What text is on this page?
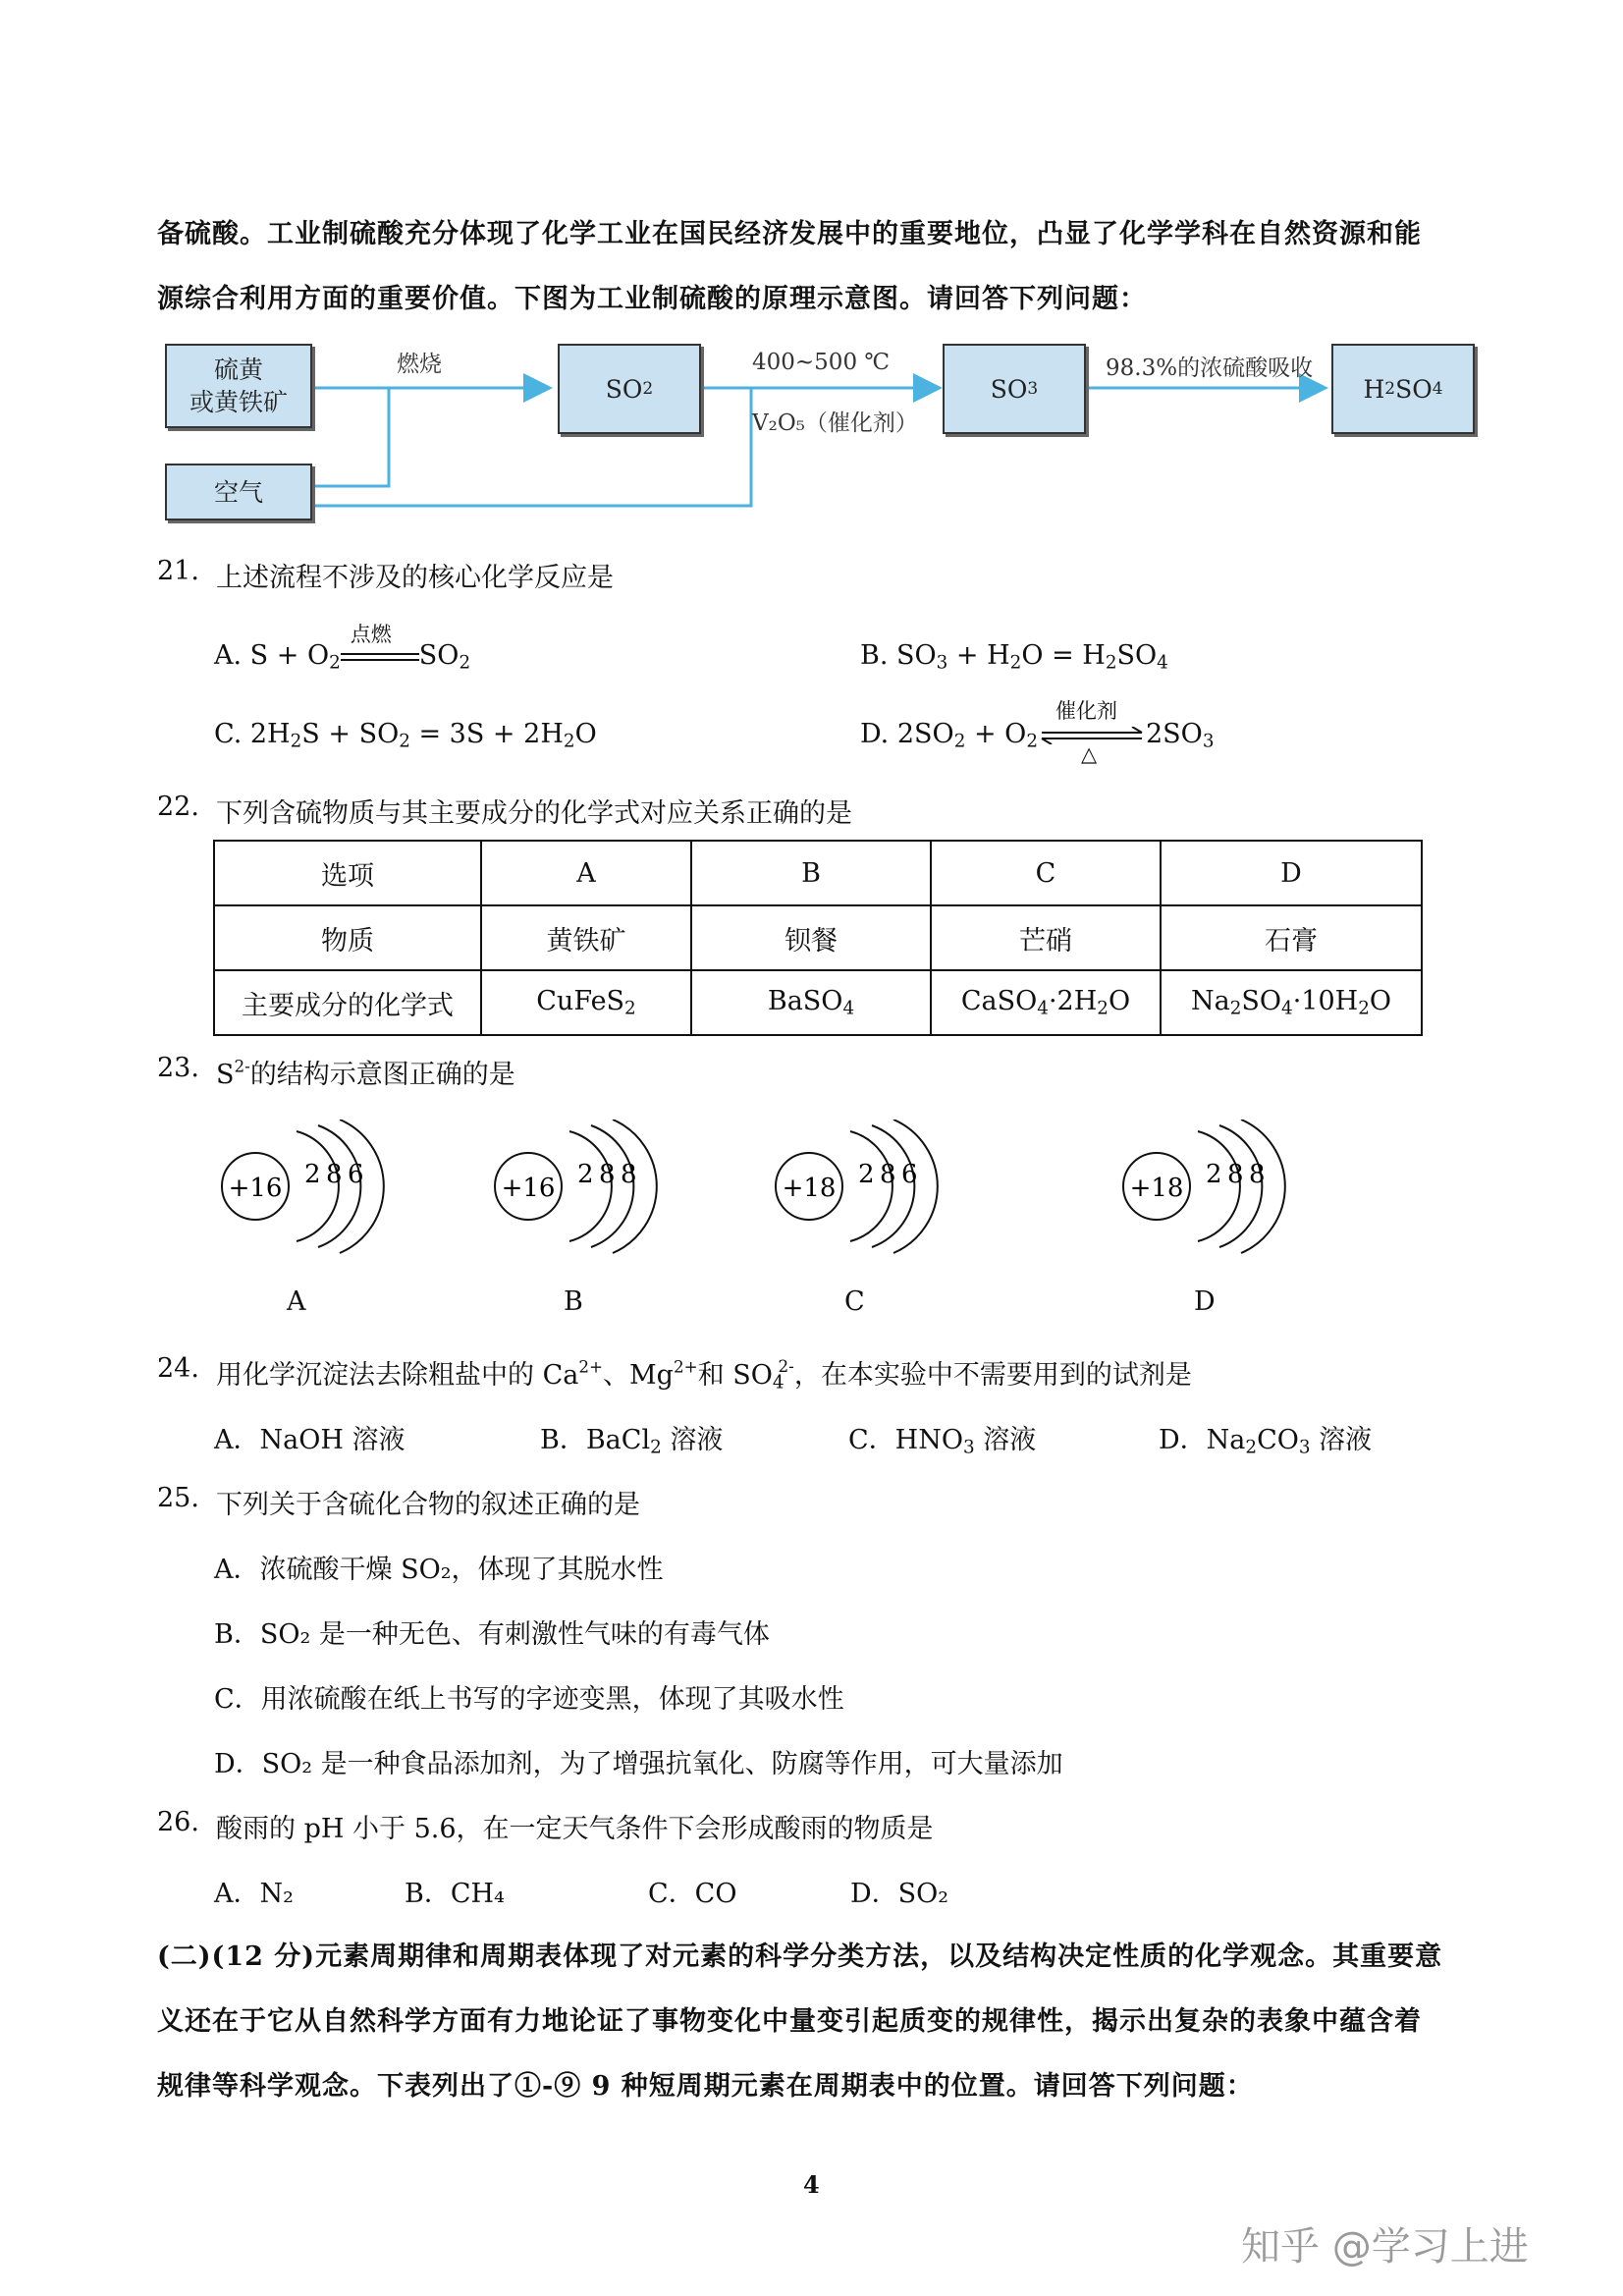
备硫酸。工业制硫酸充分体现了化学工业在国民经济发展中的重要地位，凸显了化学学科在自然资源和能
源综合利用方面的重要价值。下图为工业制硫酸的原理示意图。请回答下列问题：
硫黄
或黄铁矿
空气
SO 2	SO 3	H 2 SO 4
燃烧	400~500 ℃
V₂O₅（催化剂）
98.3%的浓硫酸吸收
21. 上述流程不涉及的核心化学反应是
A. $S + O_2$
点燃
$SO_2$	B. $SO_3 + H_2O = H_2SO_4$
C. $2H_2S + SO_2 = 3S + 2H_2O$	D. $2SO_2 + O_2$
催化剂
△
$2SO_3$
22. 下列含硫物质与其主要成分的化学式对应关系正确的是
选项	A	B	C	D
物质	黄铁矿	钡餐	芒硝	石膏
主要成分的化学式	CuFeS$_2$	BaSO$_4$	$CaSO_4\cdot 2H_2O$	$Na_2SO_4\cdot 10H_2O$
23. $S^{2-}$的结构示意图正确的是
+16 2 8 6
A
+16 2 8 8
B
+18 2 8 6
C
+18 2 8 8
D
24. 用化学沉淀法去除粗盐中的 $Ca^{2+}$、$Mg^{2+}$和 $SO_4^{2-}$，在本实验中不需要用到的试剂是
A．NaOH 溶液	B．BaCl$_2$ 溶液	C．$HNO_3$ 溶液	D．$Na_2CO_3$ 溶液
25. 下列关于含硫化合物的叙述正确的是
A．浓硫酸干燥 SO₂，体现了其脱水性
B．SO₂ 是一种无色、有刺激性气味的有毒气体
C．用浓硫酸在纸上书写的字迹变黑，体现了其吸水性
D．SO₂ 是一种食品添加剂，为了增强抗氧化、防腐等作用，可大量添加
26. 酸雨的 pH 小于 5.6，在一定天气条件下会形成酸雨的物质是
A．N₂	B．CH₄	C．CO	D．SO₂
(二)(12 分)元素周期律和周期表体现了对元素的科学分类方法，以及结构决定性质的化学观念。其重要意
义还在于它从自然科学方面有力地论证了事物变化中量变引起质变的规律性，揭示出复杂的表象中蕴含着
规律等科学观念。下表列出了①-⑨ 9 种短周期元素在周期表中的位置。请回答下列问题：
4
知乎 @学习上进
